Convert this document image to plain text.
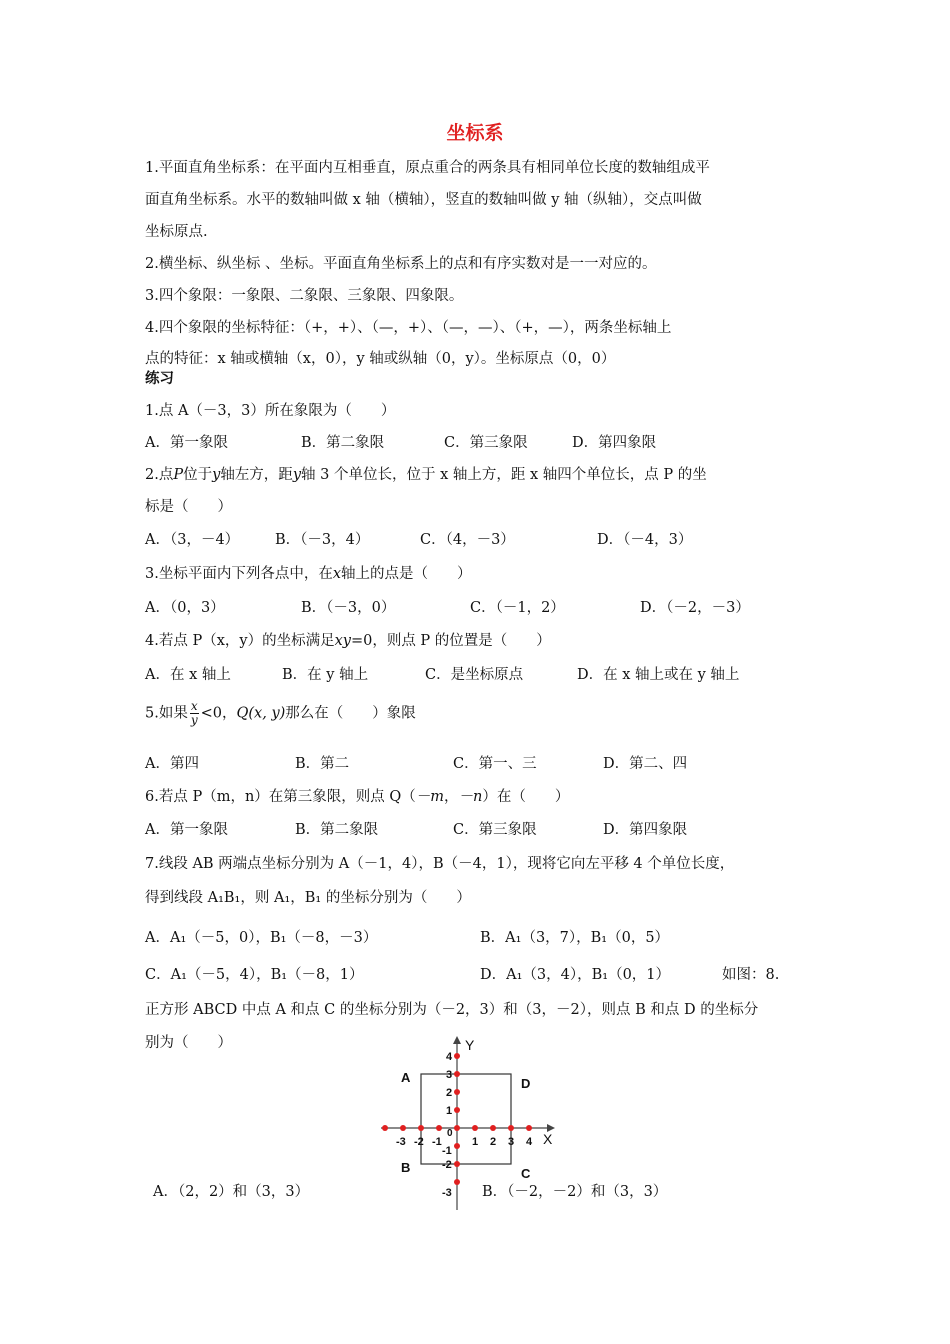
坐标系
1.平面直角坐标系：在平面内互相垂直，原点重合的两条具有相同单位长度的数轴组成平
面直角坐标系。水平的数轴叫做 x 轴（横轴），竖直的数轴叫做 y 轴（纵轴），交点叫做
坐标原点.
2.横坐标、纵坐标 、坐标。平面直角坐标系上的点和有序实数对是一一对应的。
3.四个象限：一象限、二象限、三象限、四象限。
4.四个象限的坐标特征：（+，+）、（—，+）、（—，—）、（+，—），两条坐标轴上
点的特征：x 轴或横轴（x，0），y 轴或纵轴（0，y）。坐标原点（0，0）
练习
1.点 A（－3，3）所在象限为（　　）
A．第一象限	B．第二象限	C．第三象限	D．第四象限
2.点P位于y轴左方，距y轴 3 个单位长，位于 x 轴上方，距 x 轴四个单位长，点 P 的坐
标是（　　）
A．（3，－4） B．（－3，4）	C．（4，－3）	D．（－4，3）
3.坐标平面内下列各点中，在x轴上的点是（　　）
A．（0，3）	B．（－3，0）	C．（－1，2）	D．（－2，－3）
4.若点 P（x，y）的坐标满足xy=0，则点 P 的位置是（　　）
A．在 x 轴上	B．在 y 轴上	C．是坐标原点	D．在 x 轴上或在 y 轴上
5.如果 $\frac{x}{y} <0$，Q(x, y)那么在（　　）象限
A．第四	B．第二	C．第一、三	D．第二、四
6.若点 P（m，n）在第三象限，则点 Q（－m，－n）在（　　）
A．第一象限	B．第二象限	C．第三象限	D．第四象限
7.线段 AB 两端点坐标分别为 A（－1，4），B（－4，1），现将它向左平移 4 个单位长度，
得到线段 A₁B₁，则 A₁，B₁ 的坐标分别为（　　）
A．A₁（－5，0），B₁（－8，－3）	B．A₁（3，7），B₁（0，5）
C．A₁（－5，4），B₁（－8，1）	D．A₁（3，4），B₁（0，1）	如图：8.
正方形 ABCD 中点 A 和点 C 的坐标分别为（－2，3）和（3，－2），则点 B 和点 D 的坐标分
别为（　　）
-3 -2 -1	1 2 3 4
4
3
2
1
-1
-2
-3
0	X
Y
A	D
B	C
A．（2，2）和（3，3）	B．（－2，－2）和（3，3）
